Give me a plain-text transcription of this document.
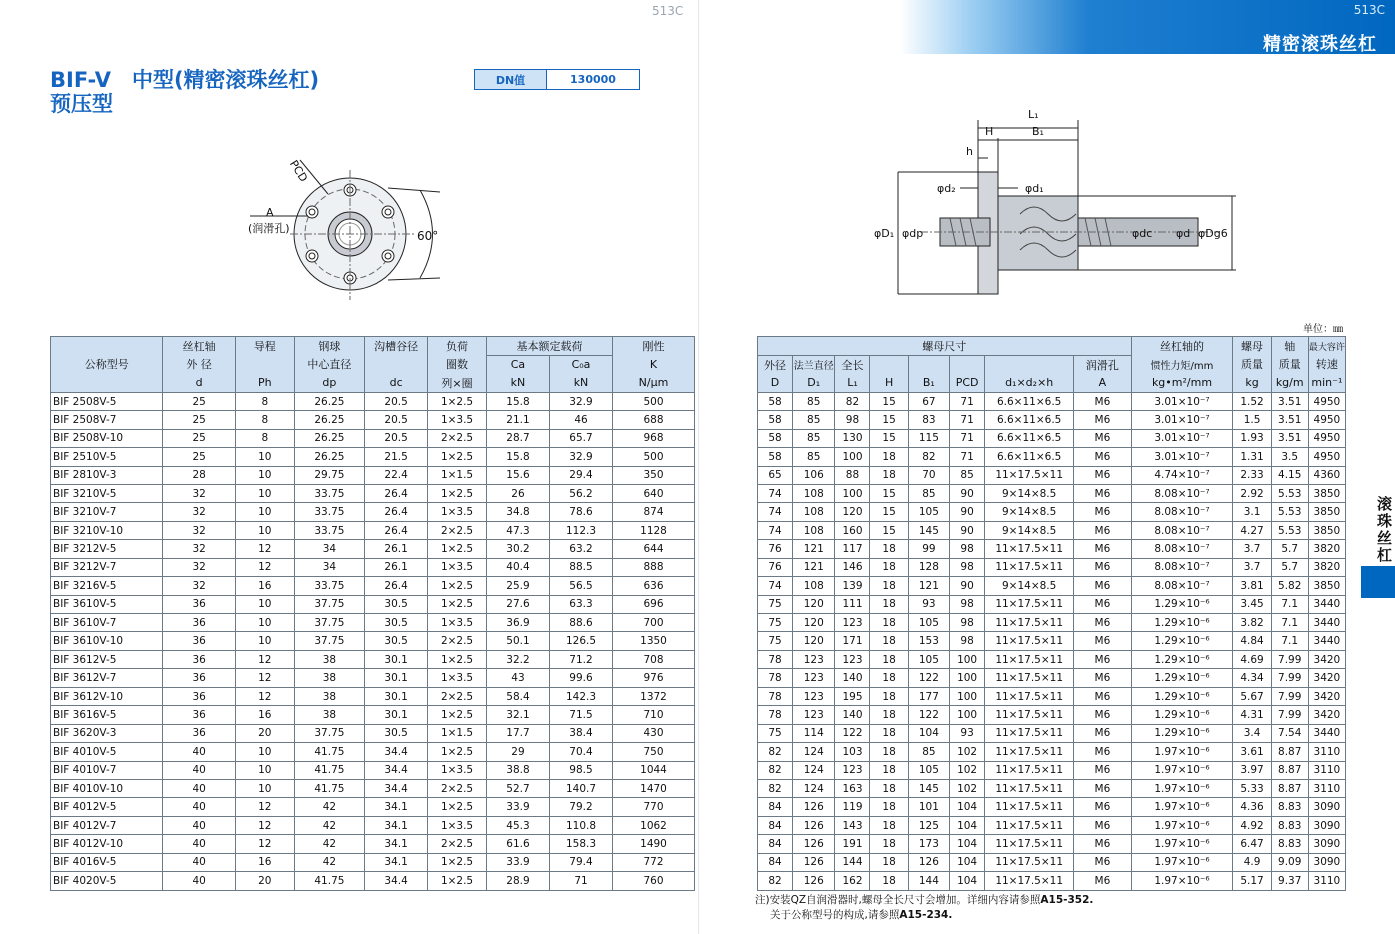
513C	513C
精密滚珠丝杠
BIF-V　中型(精密滚珠丝杠)
预压型
DN值	130000
PCD
A
(润滑孔)
60°
L₁
H	B₁
h
φd₂	φd₁
φD₁ φdp	φdc φd φDg6
单位：㎜
公称型号	丝杠轴	导程	钢球	沟槽谷径	负荷	基本额定载荷		刚性
	外 径		中心直径		圈数	Ca	C₀a	K
	d	Ph	dp	dc	列×圈	kN	kN	N/μm
BIF 2508V-5	25	8	26.25	20.5	1×2.5	15.8	32.9	500
BIF 2508V-7	25	8	26.25	20.5	1×3.5	21.1	46	688
BIF 2508V-10	25	8	26.25	20.5	2×2.5	28.7	65.7	968
BIF 2510V-5	25	10	26.25	21.5	1×2.5	15.8	32.9	500
BIF 2810V-3	28	10	29.75	22.4	1×1.5	15.6	29.4	350
BIF 3210V-5	32	10	33.75	26.4	1×2.5	26	56.2	640
BIF 3210V-7	32	10	33.75	26.4	1×3.5	34.8	78.6	874
BIF 3210V-10	32	10	33.75	26.4	2×2.5	47.3	112.3	1128
BIF 3212V-5	32	12	34	26.1	1×2.5	30.2	63.2	644
BIF 3212V-7	32	12	34	26.1	1×3.5	40.4	88.5	888
BIF 3216V-5	32	16	33.75	26.4	1×2.5	25.9	56.5	636
BIF 3610V-5	36	10	37.75	30.5	1×2.5	27.6	63.3	696
BIF 3610V-7	36	10	37.75	30.5	1×3.5	36.9	88.6	700
BIF 3610V-10	36	10	37.75	30.5	2×2.5	50.1	126.5	1350
BIF 3612V-5	36	12	38	30.1	1×2.5	32.2	71.2	708
BIF 3612V-7	36	12	38	30.1	1×3.5	43	99.6	976
BIF 3612V-10	36	12	38	30.1	2×2.5	58.4	142.3	1372
BIF 3616V-5	36	16	38	30.1	1×2.5	32.1	71.5	710
BIF 3620V-3	36	20	37.75	30.5	1×1.5	17.7	38.4	430
BIF 4010V-5	40	10	41.75	34.4	1×2.5	29	70.4	750
BIF 4010V-7	40	10	41.75	34.4	1×3.5	38.8	98.5	1044
BIF 4010V-10	40	10	41.75	34.4	2×2.5	52.7	140.7	1470
BIF 4012V-5	40	12	42	34.1	1×2.5	33.9	79.2	770
BIF 4012V-7	40	12	42	34.1	1×3.5	45.3	110.8	1062
BIF 4012V-10	40	12	42	34.1	2×2.5	61.6	158.3	1490
BIF 4016V-5	40	16	42	34.1	1×2.5	33.9	79.4	772
BIF 4020V-5	40	20	41.75	34.4	1×2.5	28.9	71	760
螺母尺寸								丝杠轴的	螺母	轴	最大容许
外径	法兰直径	全长					润滑孔	惯性力矩/mm	质量	质量	转速
D	D₁	L₁	H	B₁	PCD	d₁×d₂×h	A	kg•m²/mm	kg	kg/m	min⁻¹
58	85	82	15	67	71	6.6×11×6.5	M6	3.01×10⁻⁷	1.52	3.51	4950
58	85	98	15	83	71	6.6×11×6.5	M6	3.01×10⁻⁷	1.5	3.51	4950
58	85	130	15	115	71	6.6×11×6.5	M6	3.01×10⁻⁷	1.93	3.51	4950
58	85	100	18	82	71	6.6×11×6.5	M6	3.01×10⁻⁷	1.31	3.5	4950
65	106	88	18	70	85	11×17.5×11	M6	4.74×10⁻⁷	2.33	4.15	4360
74	108	100	15	85	90	9×14×8.5	M6	8.08×10⁻⁷	2.92	5.53	3850
74	108	120	15	105	90	9×14×8.5	M6	8.08×10⁻⁷	3.1	5.53	3850
74	108	160	15	145	90	9×14×8.5	M6	8.08×10⁻⁷	4.27	5.53	3850
76	121	117	18	99	98	11×17.5×11	M6	8.08×10⁻⁷	3.7	5.7	3820
76	121	146	18	128	98	11×17.5×11	M6	8.08×10⁻⁷	3.7	5.7	3820
74	108	139	18	121	90	9×14×8.5	M6	8.08×10⁻⁷	3.81	5.82	3850
75	120	111	18	93	98	11×17.5×11	M6	1.29×10⁻⁶	3.45	7.1	3440
75	120	123	18	105	98	11×17.5×11	M6	1.29×10⁻⁶	3.82	7.1	3440
75	120	171	18	153	98	11×17.5×11	M6	1.29×10⁻⁶	4.84	7.1	3440
78	123	123	18	105	100	11×17.5×11	M6	1.29×10⁻⁶	4.69	7.99	3420
78	123	140	18	122	100	11×17.5×11	M6	1.29×10⁻⁶	4.34	7.99	3420
78	123	195	18	177	100	11×17.5×11	M6	1.29×10⁻⁶	5.67	7.99	3420
78	123	140	18	122	100	11×17.5×11	M6	1.29×10⁻⁶	4.31	7.99	3420
75	114	122	18	104	93	11×17.5×11	M6	1.29×10⁻⁶	3.4	7.54	3440
82	124	103	18	85	102	11×17.5×11	M6	1.97×10⁻⁶	3.61	8.87	3110
82	124	123	18	105	102	11×17.5×11	M6	1.97×10⁻⁶	3.97	8.87	3110
82	124	163	18	145	102	11×17.5×11	M6	1.97×10⁻⁶	5.33	8.87	3110
84	126	119	18	101	104	11×17.5×11	M6	1.97×10⁻⁶	4.36	8.83	3090
84	126	143	18	125	104	11×17.5×11	M6	1.97×10⁻⁶	4.92	8.83	3090
84	126	191	18	173	104	11×17.5×11	M6	1.97×10⁻⁶	6.47	8.83	3090
84	126	144	18	126	104	11×17.5×11	M6	1.97×10⁻⁶	4.9	9.09	3090
82	126	162	18	144	104	11×17.5×11	M6	1.97×10⁻⁶	5.17	9.37	3110
滚珠丝杠
注)安装QZ自润滑器时,螺母全长尺寸会增加。详细内容请参照A15-352.
关于公称型号的构成,请参照A15-234.
